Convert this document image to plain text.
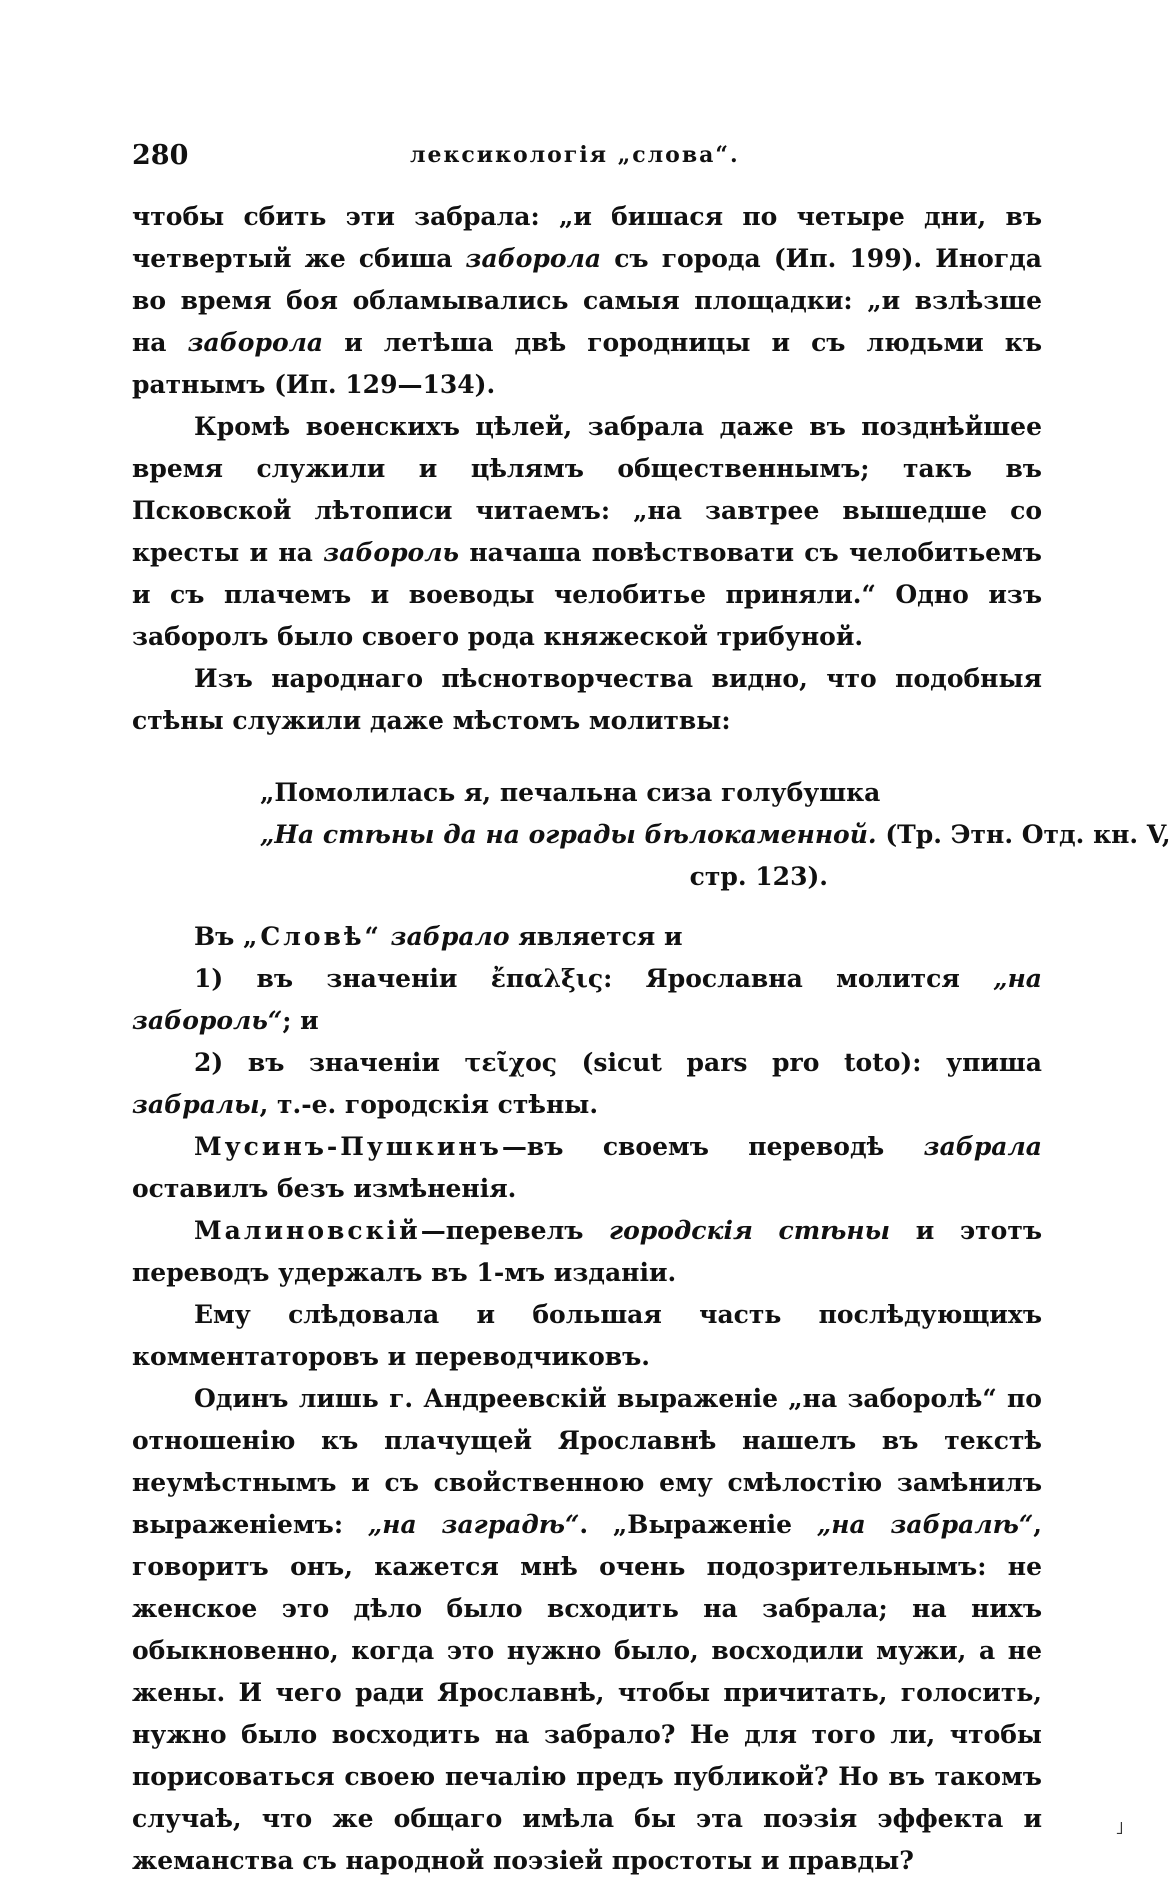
280	лексикологія „слова“.

чтобы сбить эти забрала: „и бишася по четыре дни, въ четвертый же сбиша заборола съ города (Ип. 199). Иногда во время боя обламывались самыя площадки: „и взлѣзше на заборола и летѣша двѣ городницы и съ людьми къ ратнымъ (Ип. 129—134).

Кромѣ военскихъ цѣлей, забрала даже въ позднѣйшее время служили и цѣлямъ общественнымъ; такъ въ Псковской лѣтописи читаемъ: „на завтрее вышедше со кресты и на забороль начаша повѣствовати съ челобитьемъ и съ плачемъ и воеводы челобитье приняли.“ Одно изъ заборолъ было своего рода княжеской трибуной.

Изъ народнаго пѣснотворчества видно, что подобныя стѣны служили даже мѣстомъ молитвы:

„Помолилась я, печальна сиза голубушка
„На стѣны да на ограды бѣлокаменной. (Тр. Этн. Отд. кн. V,
стр. 123).

Въ „Словѣ“ забрало является и

1) въ значеніи ἔπαλξις: Ярославна молится „на забороль“; и

2) въ значеніи τεῖχος (sicut pars pro toto): упиша забралы, т.-е. городскія стѣны.

Мусинъ-Пушкинъ—въ своемъ переводѣ забрала оставилъ безъ измѣненія.

Малиновскій—перевелъ городскія стѣны и этотъ переводъ удержалъ въ 1-мъ изданіи.

Ему слѣдовала и большая часть послѣдующихъ комментаторовъ и переводчиковъ.

Одинъ лишь г. Андреевскій выраженіе „на заборолѣ“ по отношенію къ плачущей Ярославнѣ нашелъ въ текстѣ неумѣстнымъ и съ свойственною ему смѣлостію замѣнилъ выраженіемъ: „на заградѣ“. „Выраженіе „на забралѣ“, говоритъ онъ, кажется мнѣ очень подозрительнымъ: не женское это дѣло было всходить на забрала; на нихъ обыкновенно, когда это нужно было, восходили мужи, а не жены. И чего ради Ярославнѣ, чтобы причитать, голосить, нужно было восходить на забрало? Не для того ли, чтобы порисоваться своею печалію предъ публикой? Но въ такомъ случаѣ, что же общаго имѣла бы эта поэзія эффекта и жеманства съ народной поэзіей простоты и правды?

˩
